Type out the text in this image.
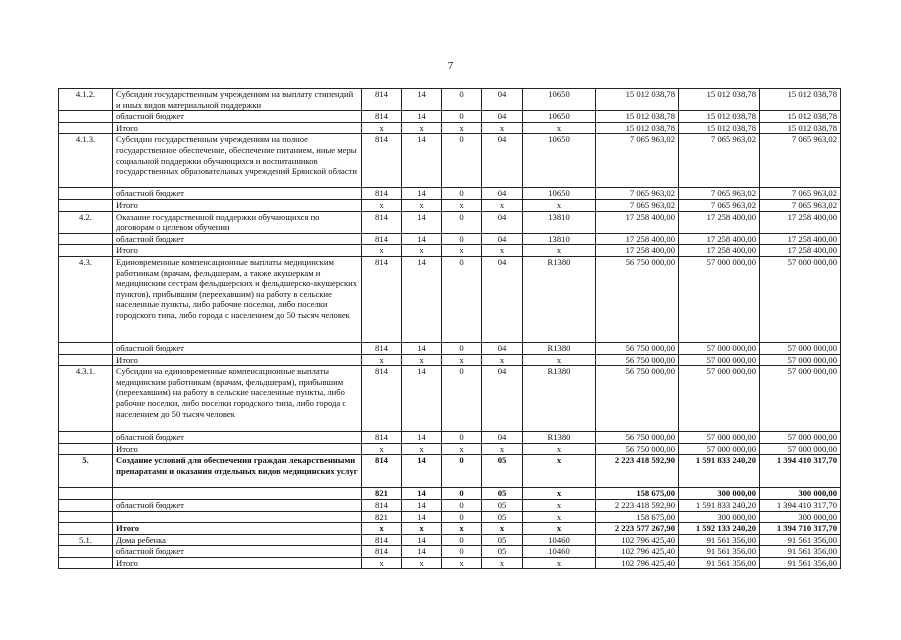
7
4.1.2.	Субсидии государственным учреждениям на выплату стипендий и иных видов материальной поддержки	814	14	0	04	10650	15 012 038,78	15 012 038,78	15 012 038,78
	областной бюджет	814	14	0	04	10650	15 012 038,78	15 012 038,78	15 012 038,78
	Итого	х	х	х	х	х	15 012 038,78	15 012 038,78	15 012 038,78
4.1.3.	Субсидии государственным учреждениям на полное государственное обеспечение, обеспечение питанием, иные меры социальной поддержки обучающихся и воспитанников государственных образовательных учреждений Брянской области	814	14	0	04	10650	7 065 963,02	7 065 963,02	7 065 963,02
	областной бюджет	814	14	0	04	10650	7 065 963,02	7 065 963,02	7 065 963,02
	Итого	х	х	х	х	х	7 065 963,02	7 065 963,02	7 065 963,02
4.2.	Оказание государственной поддержки обучающихся по договорам о целевом обучении	814	14	0	04	13810	17 258 400,00	17 258 400,00	17 258 400,00
	областной бюджет	814	14	0	04	13810	17 258 400,00	17 258 400,00	17 258 400,00
	Итого	х	х	х	х	х	17 258 400,00	17 258 400,00	17 258 400,00
4.3.	Единовременные компенсационные выплаты медицинским работникам (врачам, фельдшерам, а также акушеркам и медицинским сестрам фельдшерских и фельдшерско-акушерских пунктов), прибывшим (переехавшим) на работу в сельские населенные пункты, либо рабочие поселки, либо поселки городского типа, либо города с населением до 50 тысяч человек	814	14	0	04	R1380	56 750 000,00	57 000 000,00	57 000 000,00
	областной бюджет	814	14	0	04	R1380	56 750 000,00	57 000 000,00	57 000 000,00
	Итого	х	х	х	х	х	56 750 000,00	57 000 000,00	57 000 000,00
4.3.1.	Субсидии на единовременные компенсационные выплаты медицинским работникам (врачам, фельдшерам), прибывшим (переехавшим) на работу в сельские населенные пункты, либо рабочие поселки, либо поселки городского типа, либо города с населением до 50 тысяч человек	814	14	0	04	R1380	56 750 000,00	57 000 000,00	57 000 000,00
	областной бюджет	814	14	0	04	R1380	56 750 000,00	57 000 000,00	57 000 000,00
	Итого	х	х	х	х	х	56 750 000,00	57 000 000,00	57 000 000,00
5.	Создание условий для обеспечения граждан лекарственными препаратами и оказания отдельных видов медицинских услуг	814	14	0	05	х	2 223 418 592,90	1 591 833 240,20	1 394 410 317,70
		821	14	0	05	х	158 675,00	300 000,00	300 000,00
	областной бюджет	814	14	0	05	х	2 223 418 592,90	1 591 833 240,20	1 394 410 317,70
		821	14	0	05	х	158 675,00	300 000,00	300 000,00
	Итого	х	х	х	х	х	2 223 577 267,90	1 592 133 240,20	1 394 710 317,70
5.1.	Дома ребенка	814	14	0	05	10460	102 796 425,40	91 561 356,00	91 561 356,00
	областной бюджет	814	14	0	05	10460	102 796 425,40	91 561 356,00	91 561 356,00
	Итого	х	х	х	х	х	102 796 425,40	91 561 356,00	91 561 356,00
